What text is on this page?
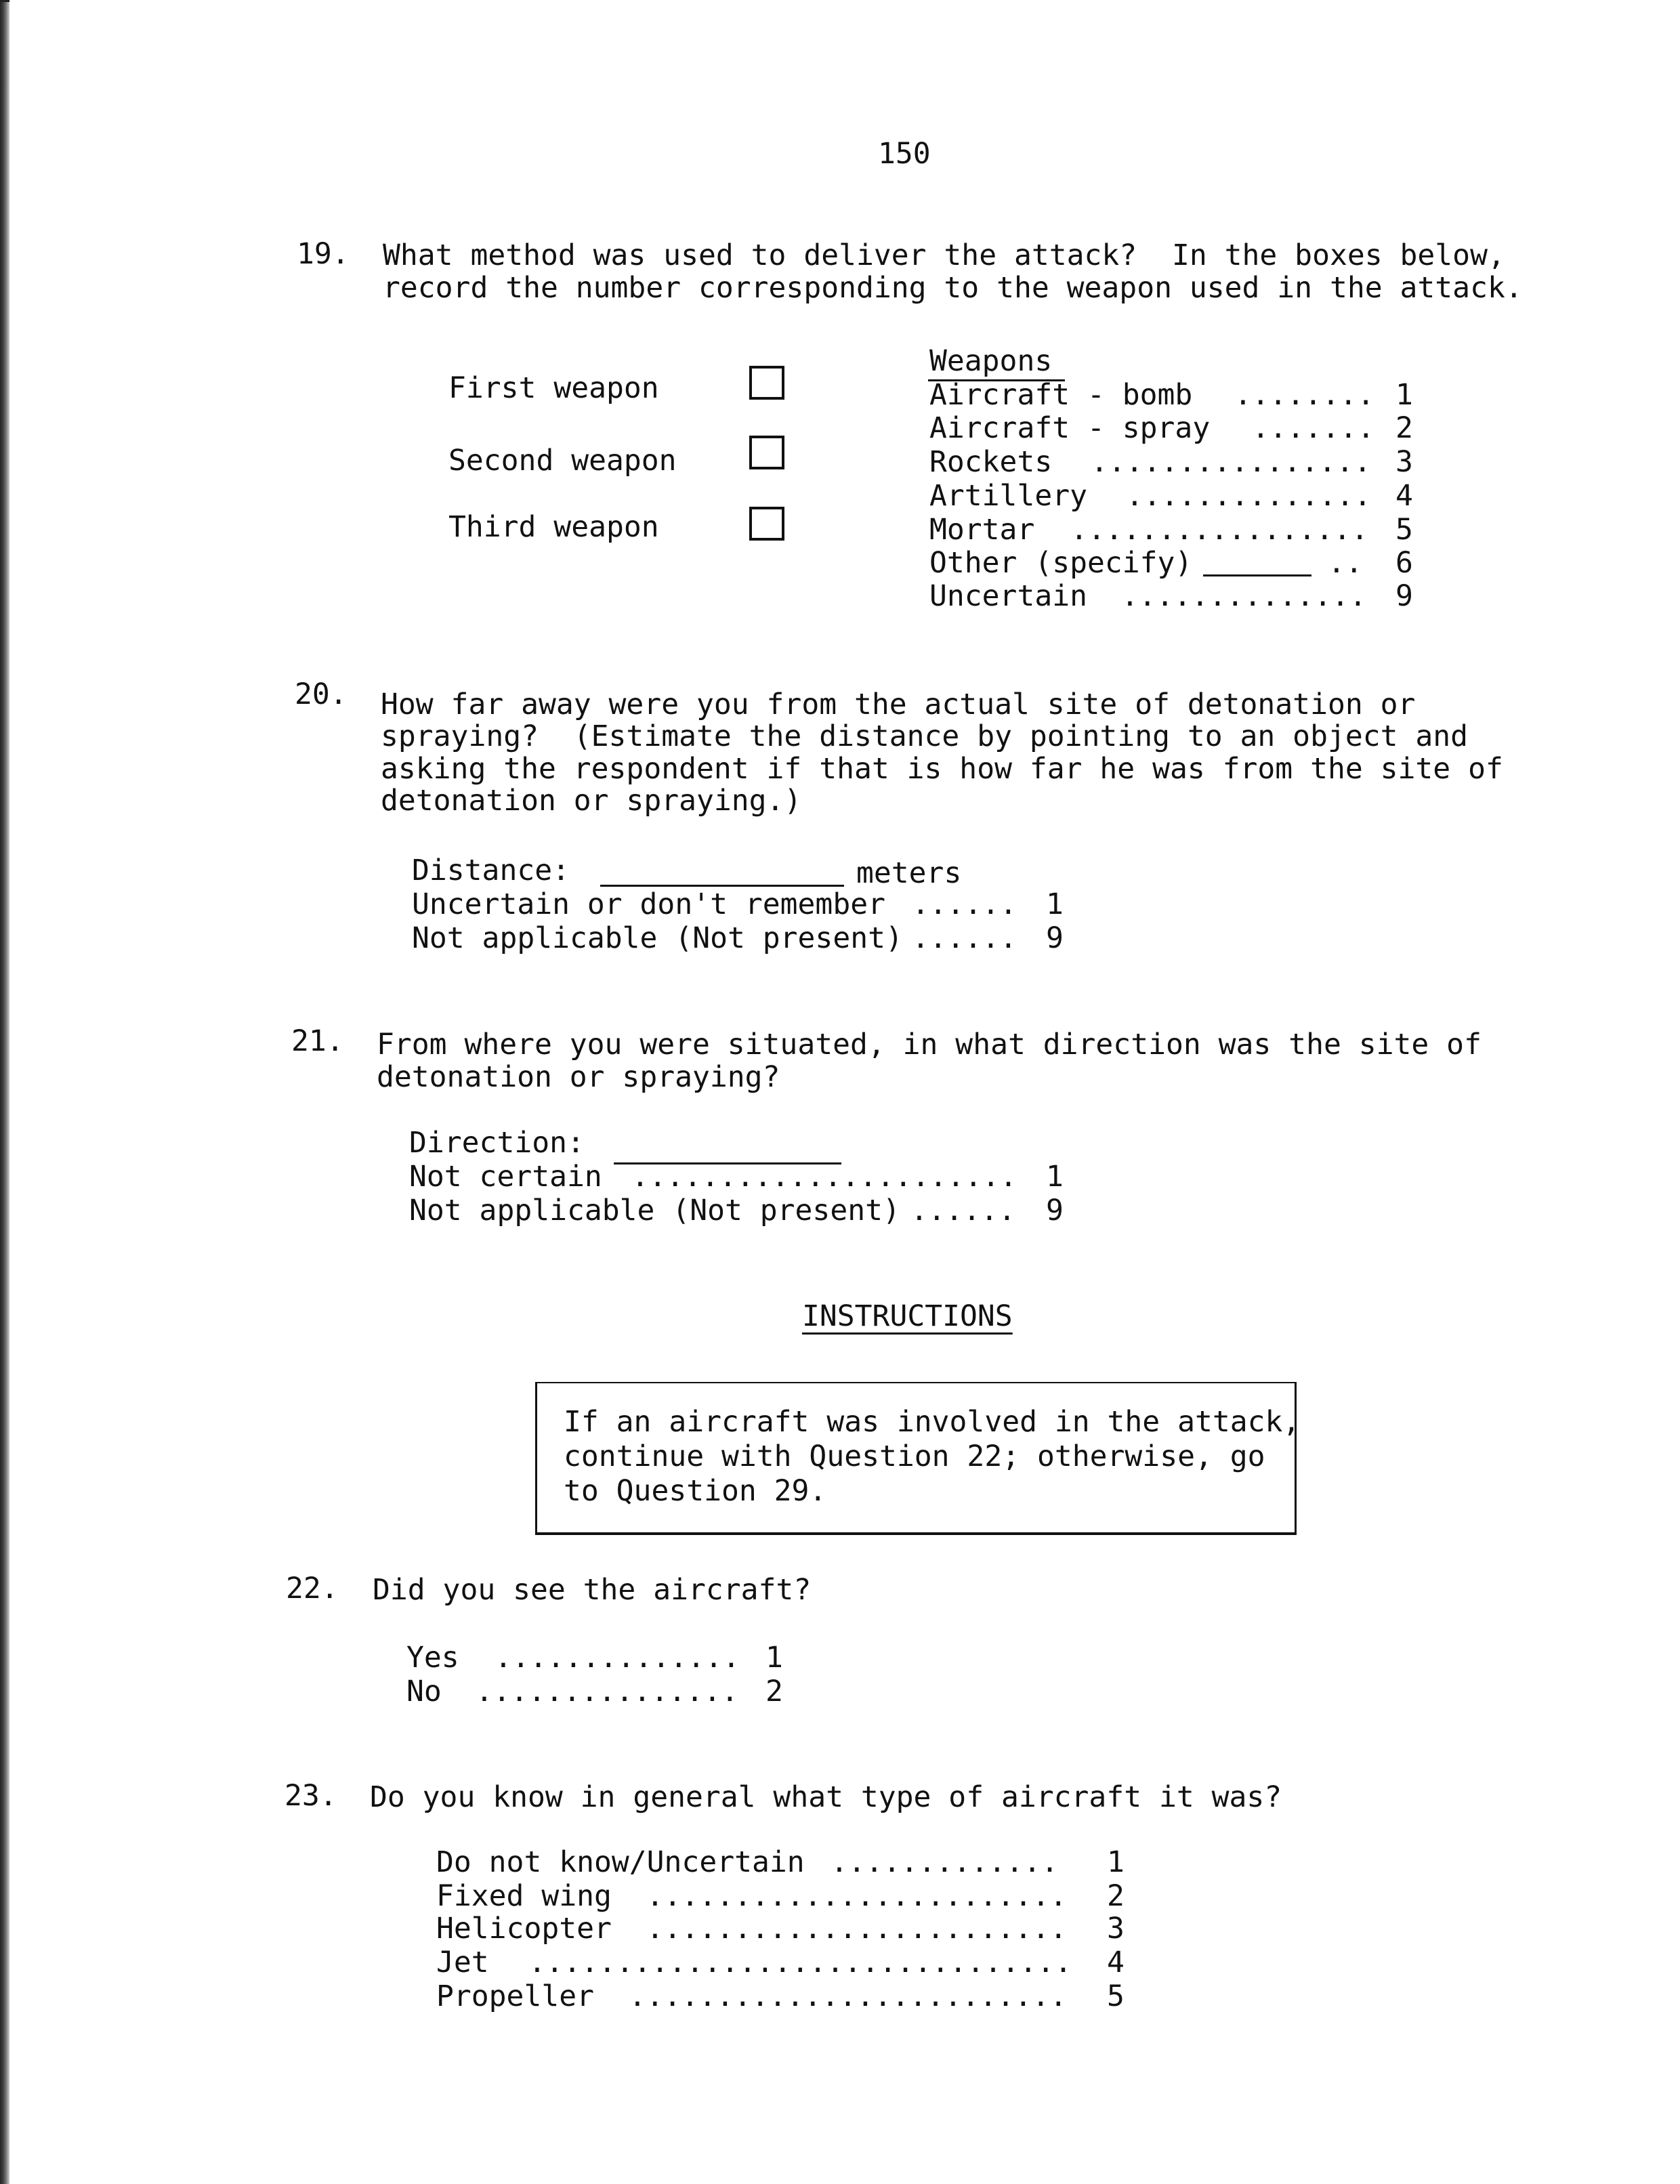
150
19. What method was used to deliver the attack?  In the boxes below,
record the number corresponding to the weapon used in the attack.
First weapon
Second weapon
Third weapon
Weapons
Aircraft - bomb ........ 1
Aircraft - spray ....... 2
Rockets ................ 3
Artillery .............. 4
Mortar ................. 5
Other (specify)	.. 6
Uncertain .............. 9
20. How far away were you from the actual site of detonation or
spraying?  (Estimate the distance by pointing to an object and
asking the respondent if that is how far he was from the site of
detonation or spraying.)
Distance:	meters
Uncertain or don't remember ...... 1
Not applicable (Not present) ...... 9
21. From where you were situated, in what direction was the site of
detonation or spraying?
Direction:
Not certain ...................... 1
Not applicable (Not present) ...... 9
INSTRUCTIONS
If an aircraft was involved in the attack,
continue with Question 22; otherwise, go
to Question 29.
22. Did you see the aircraft?
Yes .............. 1
No ............... 2
23. Do you know in general what type of aircraft it was?
Do not know/Uncertain ............. 1
Fixed wing ........................ 2
Helicopter ........................ 3
Jet ............................... 4
Propeller ......................... 5
